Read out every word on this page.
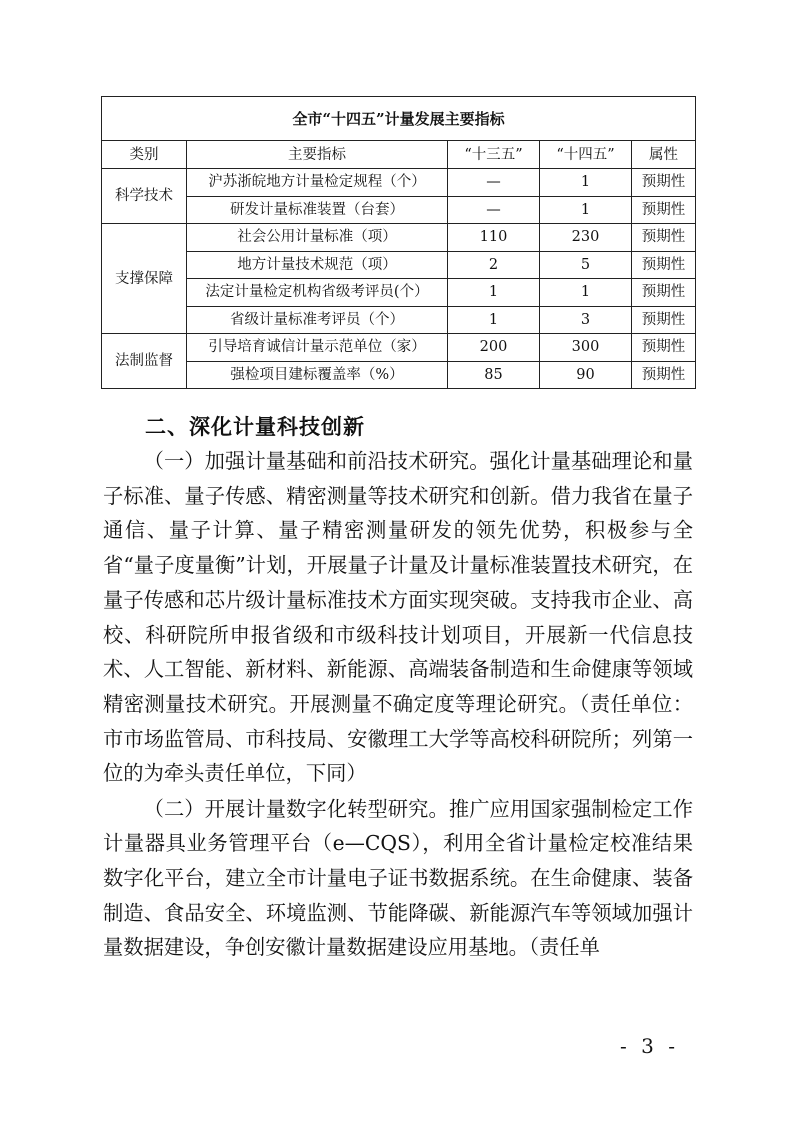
全市“十四五”计量发展主要指标				
类别	主要指标	“十三五”	“十四五”	属性
科学技术	沪苏浙皖地方计量检定规程（个）	—	1	预期性
	研发计量标准装置（台套）	—	1	预期性
支撑保障	社会公用计量标准（项）	110	230	预期性
	地方计量技术规范（项）	2	5	预期性
	法定计量检定机构省级考评员(个）	1	1	预期性
	省级计量标准考评员（个）	1	3	预期性
法制监督	引导培育诚信计量示范单位（家）	200	300	预期性
	强检项目建标覆盖率（%）	85	90	预期性
二、深化计量科技创新

（一）加强计量基础和前沿技术研究。强化计量基础理论和量子标准、量子传感、精密测量等技术研究和创新。借力我省在量子通信、量子计算、量子精密测量研发的领先优势，积极参与全省“量子度量衡”计划，开展量子计量及计量标准装置技术研究，在量子传感和芯片级计量标准技术方面实现突破。支持我市企业、高校、科研院所申报省级和市级科技计划项目，开展新一代信息技术、人工智能、新材料、新能源、高端装备制造和生命健康等领域精密测量技术研究。开展测量不确定度等理论研究。（责任单位：市市场监管局、市科技局、安徽理工大学等高校科研院所；列第一位的为牵头责任单位，下同）

（二）开展计量数字化转型研究。推广应用国家强制检定工作计量器具业务管理平台（e—CQS），利用全省计量检定校准结果数字化平台，建立全市计量电子证书数据系统。在生命健康、装备制造、食品安全、环境监测、节能降碳、新能源汽车等领域加强计量数据建设，争创安徽计量数据建设应用基地。（责任单

- 3 -
